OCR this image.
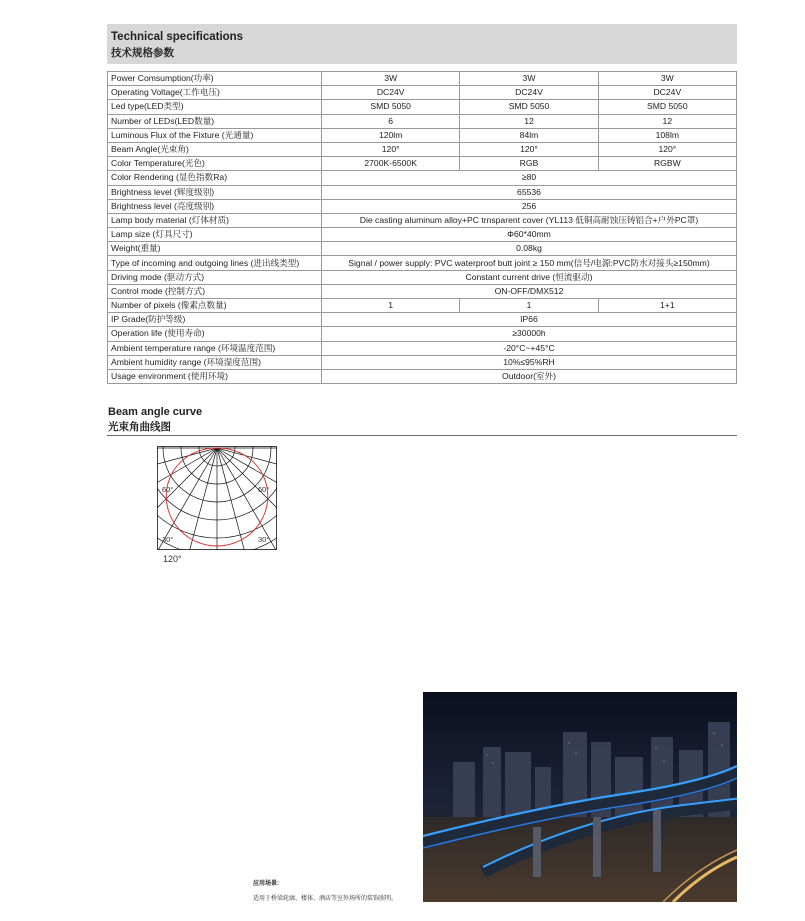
Technical specifications
技术规格参数
Power Comsumption(功率)	3W	3W	3W
Operating Voltage(工作电压)	DC24V	DC24V	DC24V
Led type(LED类型)	SMD 5050	SMD 5050	SMD 5050
Number of LEDs(LED数量)	6	12	12
Luminous Flux of the Fixture (光通量)	120lm	84lm	108lm
Beam Angle(光束角)	120°	120°	120°
Color Temperature(光色)	2700K-6500K	RGB	RGBW
Color Rendering (显色指数Ra)	≥80		
Brightness level (辉度级别)	65536		
Brightness level (亮度级别)	256		
Lamp body material (灯体材质)	Die casting aluminum alloy+PC trnsparent cover (YL113 低铜高耐蚀压铸铝合+户外PC罩)		
Lamp size (灯具尺寸)	Φ60*40mm		
Weight(重量)	0.08kg		
Type of incoming and outgoing lines (进出线类型)	Signal / power supply: PVC waterproof butt joint ≥ 150 mm(信号/电源:PVC防水对接头≥150mm)		
Driving mode (驱动方式)	Constant current drive (恒流驱动)		
Control mode (控制方式)	ON-OFF/DMX512		
Number of pixels (像素点数量)	1	1	1+1
IP Grade(防护等级)	IP66		
Operation life (使用寿命)	≥30000h		
Ambient temperature range (环境温度范围)	-20°C~+45°C		
Ambient humidity range (环境湿度范围)	10%≤95%RH		
Usage environment (使用环境)	Outdoor(室外)		
Beam angle curve
光束角曲线图
60°	60°
30°	30°
120°
应用场景:
适用于桥梁轮廓、楼体、酒店等室外场所的装饰照明。
